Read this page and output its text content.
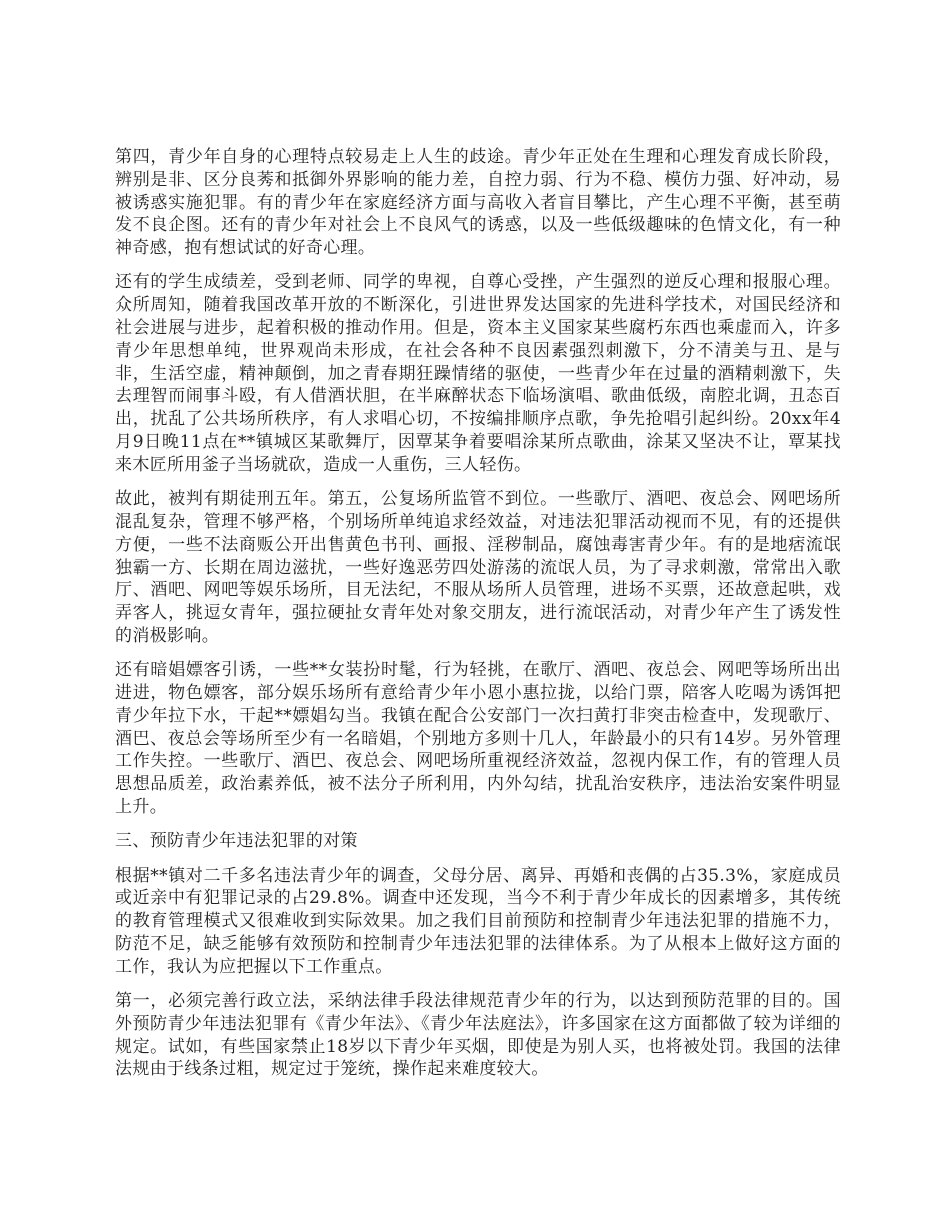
第四，青少年自身的心理特点较易走上人生的歧途。青少年正处在生理和心理发育成长阶段，辨别是非、区分良莠和抵御外界影响的能力差，自控力弱、行为不稳、模仿力强、好冲动，易被诱惑实施犯罪。有的青少年在家庭经济方面与高收入者盲目攀比，产生心理不平衡，甚至萌发不良企图。还有的青少年对社会上不良风气的诱惑，以及一些低级趣味的色情文化，有一种神奇感，抱有想试试的好奇心理。

还有的学生成绩差，受到老师、同学的卑视，自尊心受挫，产生强烈的逆反心理和报服心理。众所周知，随着我国改革开放的不断深化，引进世界发达国家的先进科学技术，对国民经济和社会进展与进步，起着积极的推动作用。但是，资本主义国家某些腐朽东西也乘虚而入，许多青少年思想单纯，世界观尚未形成，在社会各种不良因素强烈刺激下，分不清美与丑、是与非，生活空虚，精神颠倒，加之青春期狂躁情绪的驱使，一些青少年在过量的酒精刺激下，失去理智而闹事斗殴，有人借酒状胆，在半麻醉状态下临场演唱、歌曲低级，南腔北调，丑态百出，扰乱了公共场所秩序，有人求唱心切，不按编排顺序点歌，争先抢唱引起纠纷。20xx年4月9日晚11点在**镇城区某歌舞厅，因覃某争着要唱涂某所点歌曲，涂某又坚决不让，覃某找来木匠所用釜子当场就砍，造成一人重伤，三人轻伤。

故此，被判有期徒刑五年。第五，公复场所监管不到位。一些歌厅、酒吧、夜总会、网吧场所混乱复杂，管理不够严格，个别场所单纯追求经效益，对违法犯罪活动视而不见，有的还提供方便，一些不法商贩公开出售黄色书刊、画报、淫秽制品，腐蚀毒害青少年。有的是地痞流氓独霸一方、长期在周边滋扰，一些好逸恶劳四处游荡的流氓人员，为了寻求刺激，常常出入歌厅、酒吧、网吧等娱乐场所，目无法纪，不服从场所人员管理，进场不买票，还故意起哄，戏弄客人，挑逗女青年，强拉硬扯女青年处对象交朋友，进行流氓活动，对青少年产生了诱发性的消极影响。

还有暗娼嫖客引诱，一些**女装扮时髦，行为轻挑，在歌厅、酒吧、夜总会、网吧等场所出出进进，物色嫖客，部分娱乐场所有意给青少年小恩小惠拉拢，以给门票，陪客人吃喝为诱饵把青少年拉下水，干起**嫖娼勾当。我镇在配合公安部门一次扫黄打非突击检查中，发现歌厅、酒巴、夜总会等场所至少有一名暗娼，个别地方多则十几人，年龄最小的只有14岁。另外管理工作失控。一些歌厅、酒巴、夜总会、网吧场所重视经济效益，忽视内保工作，有的管理人员思想品质差，政治素养低，被不法分子所利用，内外勾结，扰乱治安秩序，违法治安案件明显上升。

三、预防青少年违法犯罪的对策

根据**镇对二千多名违法青少年的调查，父母分居、离异、再婚和丧偶的占35.3%，家庭成员或近亲中有犯罪记录的占29.8%。调查中还发现，当今不利于青少年成长的因素增多，其传统的教育管理模式又很难收到实际效果。加之我们目前预防和控制青少年违法犯罪的措施不力，防范不足，缺乏能够有效预防和控制青少年违法犯罪的法律体系。为了从根本上做好这方面的工作，我认为应把握以下工作重点。

第一，必须完善行政立法，采纳法律手段法律规范青少年的行为，以达到预防范罪的目的。国外预防青少年违法犯罪有《青少年法》、《青少年法庭法》，许多国家在这方面都做了较为详细的规定。试如，有些国家禁止18岁以下青少年买烟，即使是为别人买，也将被处罚。我国的法律法规由于线条过粗，规定过于笼统，操作起来难度较大。
